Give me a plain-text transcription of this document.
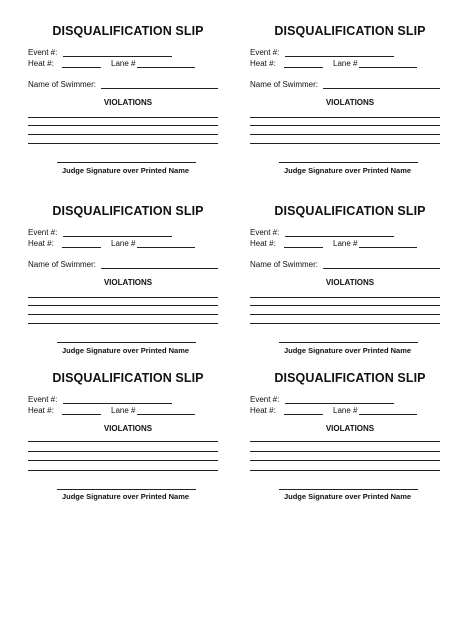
DISQUALIFICATION SLIP
Event #:
Heat #:	Lane #
Name of Swimmer:
VIOLATIONS
Judge Signature over Printed Name
DISQUALIFICATION SLIP
Event #:
Heat #:	Lane #
Name of Swimmer:
VIOLATIONS
Judge Signature over Printed Name
DISQUALIFICATION SLIP
Event #:
Heat #:	Lane #
Name of Swimmer:
VIOLATIONS
Judge Signature over Printed Name
DISQUALIFICATION SLIP
Event #:
Heat #:	Lane #
Name of Swimmer:
VIOLATIONS
Judge Signature over Printed Name
DISQUALIFICATION SLIP
Event #:
Heat #:	Lane #
VIOLATIONS
Judge Signature over Printed Name
DISQUALIFICATION SLIP
Event #:
Heat #:	Lane #
VIOLATIONS
Judge Signature over Printed Name
